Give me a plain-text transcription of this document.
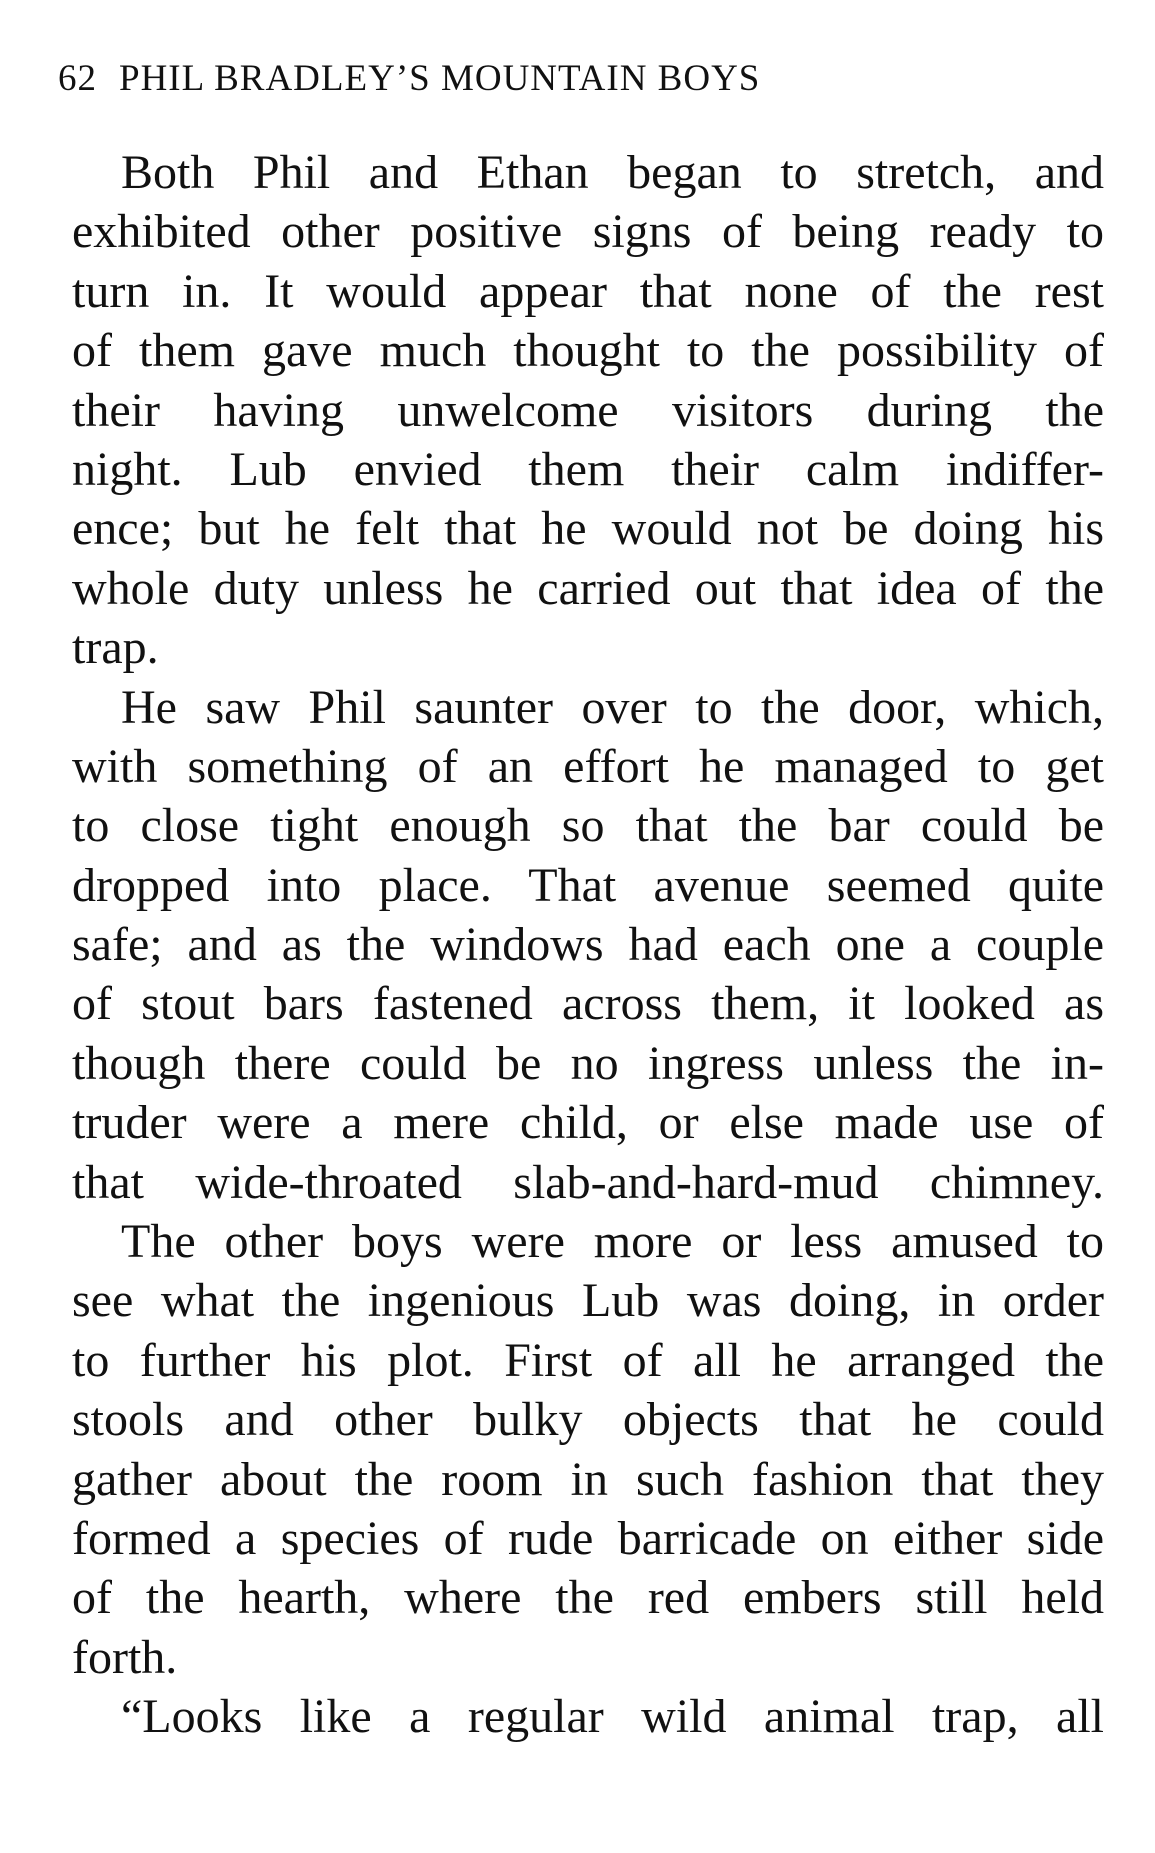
62 PHIL BRADLEY’S MOUNTAIN BOYS
Both Phil and Ethan began to stretch, and
exhibited other positive signs of being ready to
turn in. It would appear that none of the rest
of them gave much thought to the possibility of
their having unwelcome visitors during the
night. Lub envied them their calm indiffer-
ence; but he felt that he would not be doing his
whole duty unless he carried out that idea of the
trap.
He saw Phil saunter over to the door, which,
with something of an effort he managed to get
to close tight enough so that the bar could be
dropped into place. That avenue seemed quite
safe; and as the windows had each one a couple
of stout bars fastened across them, it looked as
though there could be no ingress unless the in-
truder were a mere child, or else made use of
that wide-throated slab-and-hard-mud chimney.
The other boys were more or less amused to
see what the ingenious Lub was doing, in order
to further his plot. First of all he arranged the
stools and other bulky objects that he could
gather about the room in such fashion that they
formed a species of rude barricade on either side
of the hearth, where the red embers still held
forth.
“Looks like a regular wild animal trap, all
